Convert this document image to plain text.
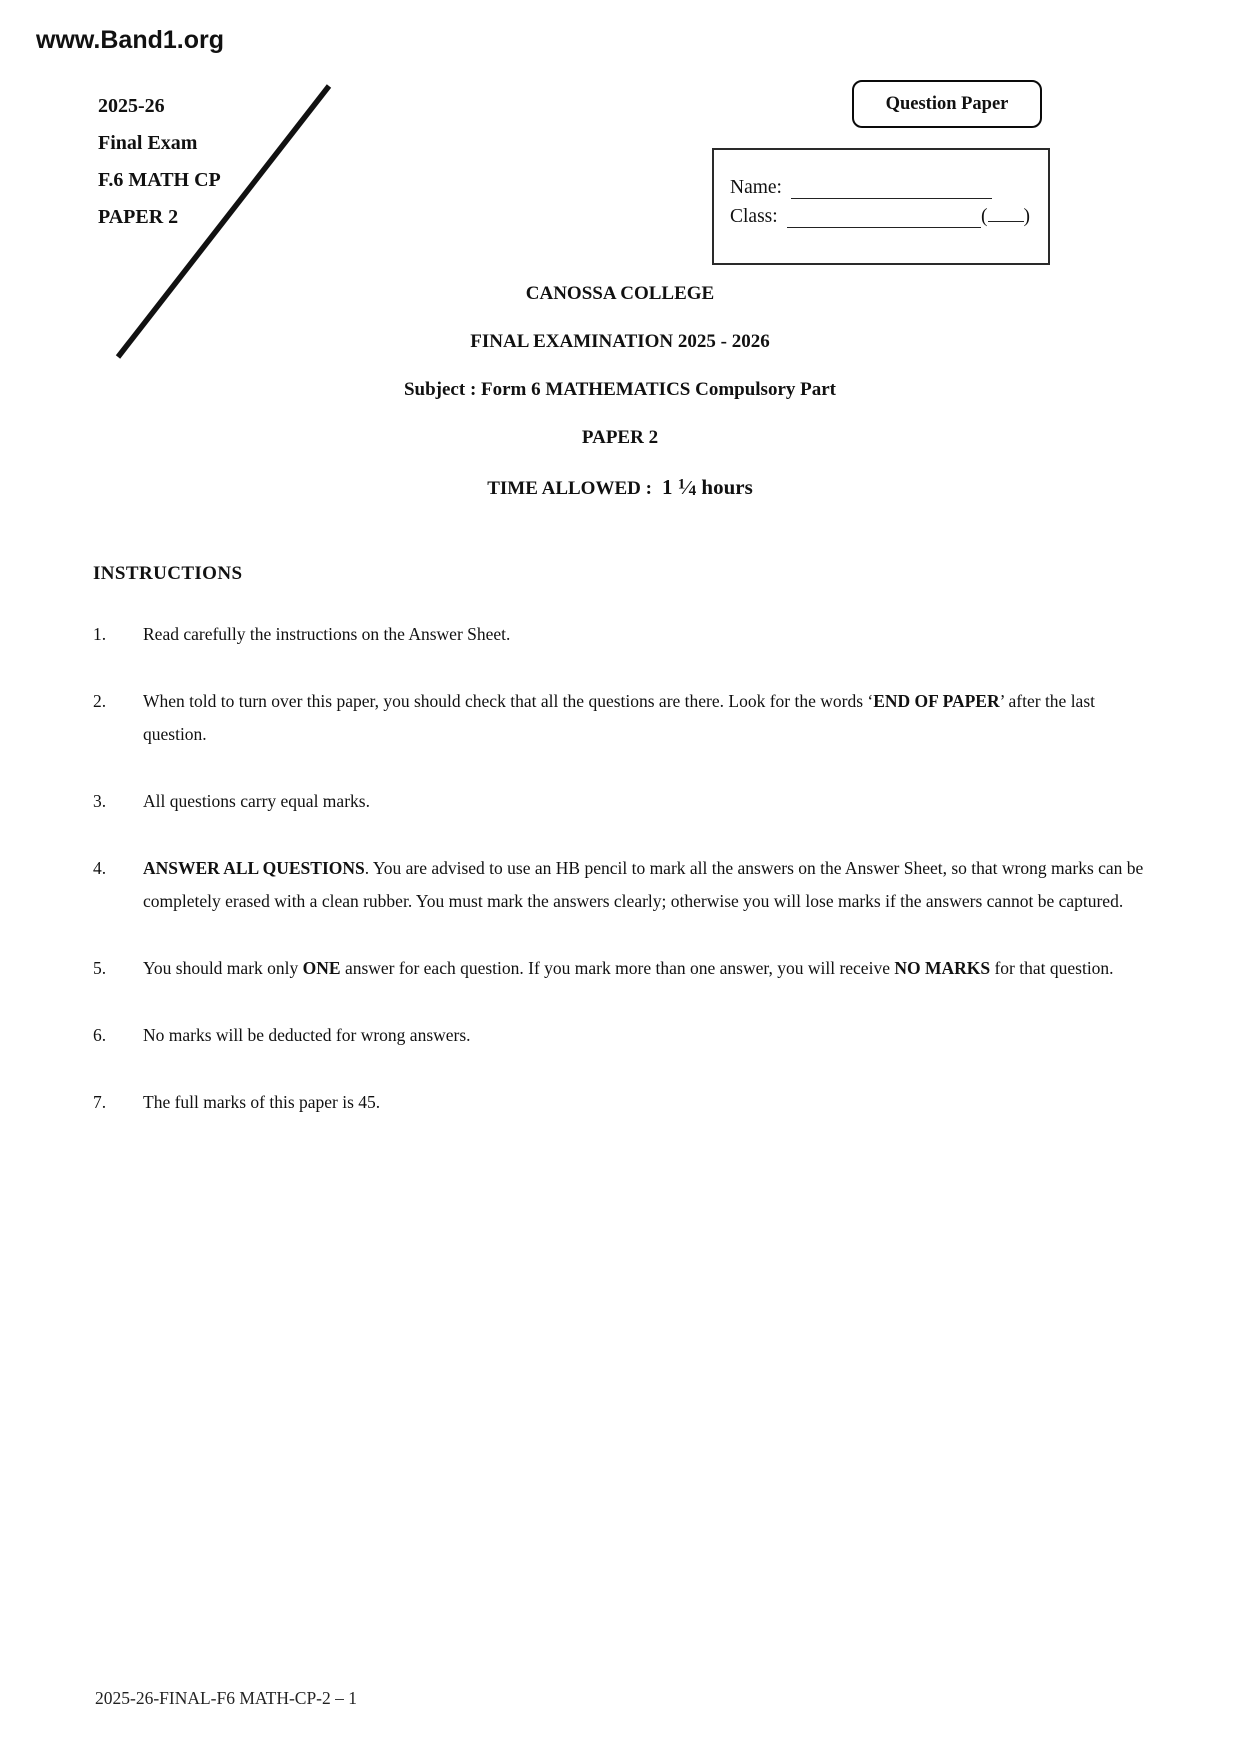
www.Band1.org
2025-26
Final Exam
F.6 MATH CP
PAPER 2
Question Paper
Name:
Class:	( )
CANOSSA COLLEGE
FINAL EXAMINATION 2025 - 2026
Subject : Form 6 MATHEMATICS Compulsory Part
PAPER 2
TIME ALLOWED : 1 $^1$⁄4 hours
INSTRUCTIONS
1.	Read carefully the instructions on the Answer Sheet.
2.	When told to turn over this paper, you should check that all the questions are there. Look for the words ‘END OF PAPER’ after the last question.
3.	All questions carry equal marks.
4.	ANSWER ALL QUESTIONS. You are advised to use an HB pencil to mark all the answers on the Answer Sheet, so that wrong marks can be completely erased with a clean rubber. You must mark the answers clearly; otherwise you will lose marks if the answers cannot be captured.
5.	You should mark only ONE answer for each question. If you mark more than one answer, you will receive NO MARKS for that question.
6.	No marks will be deducted for wrong answers.
7.	The full marks of this paper is 45.
2025-26-FINAL-F6 MATH-CP-2 – 1
